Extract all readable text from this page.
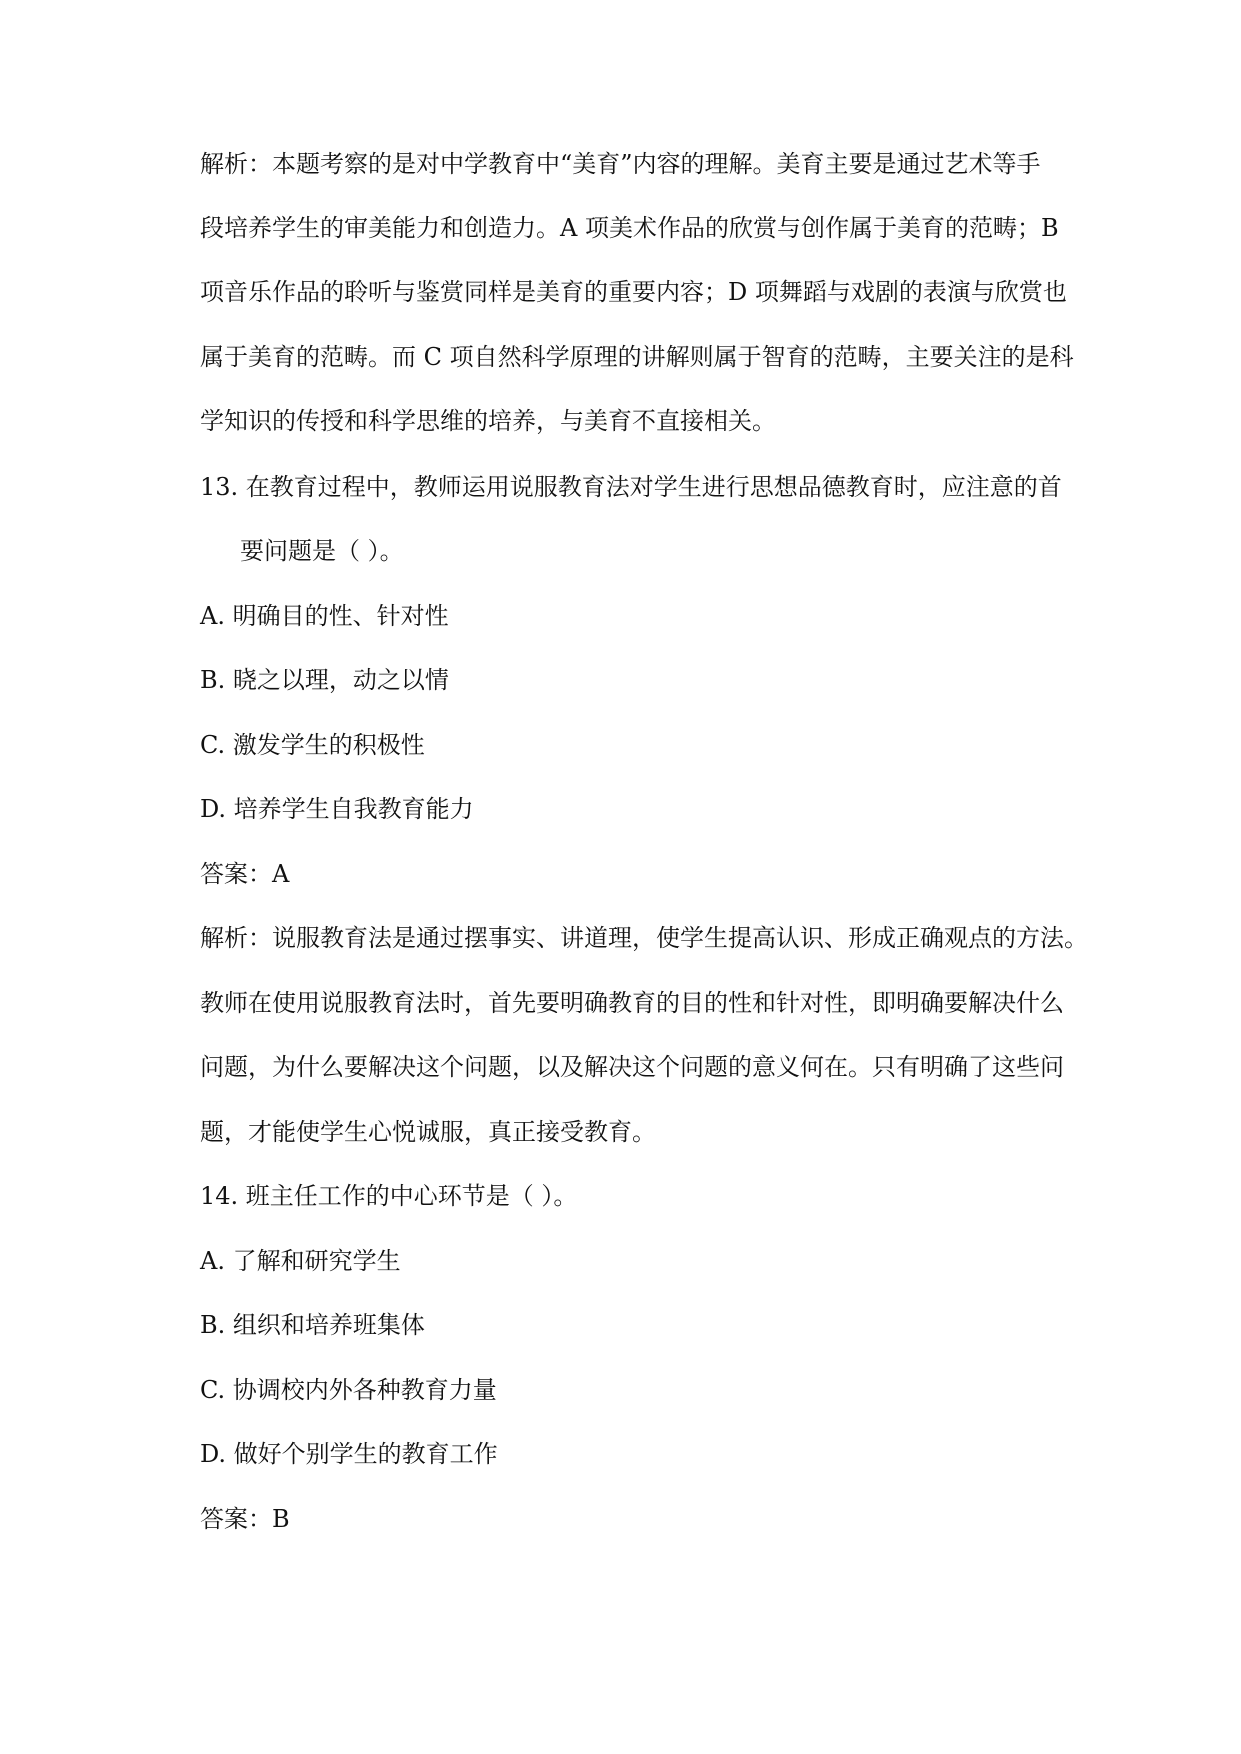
解析：本题考察的是对中学教育中“美育”内容的理解。美育主要是通过艺术等手
段培养学生的审美能力和创造力。A 项美术作品的欣赏与创作属于美育的范畴；B
项音乐作品的聆听与鉴赏同样是美育的重要内容；D 项舞蹈与戏剧的表演与欣赏也
属于美育的范畴。而 C 项自然科学原理的讲解则属于智育的范畴，主要关注的是科
学知识的传授和科学思维的培养，与美育不直接相关。
13. 在教育过程中，教师运用说服教育法对学生进行思想品德教育时，应注意的首
要问题是（ ）。
A. 明确目的性、针对性
B. 晓之以理，动之以情
C. 激发学生的积极性
D. 培养学生自我教育能力
答案：A
解析：说服教育法是通过摆事实、讲道理，使学生提高认识、形成正确观点的方法。
教师在使用说服教育法时，首先要明确教育的目的性和针对性，即明确要解决什么
问题，为什么要解决这个问题，以及解决这个问题的意义何在。只有明确了这些问
题，才能使学生心悦诚服，真正接受教育。
14. 班主任工作的中心环节是（ ）。
A. 了解和研究学生
B. 组织和培养班集体
C. 协调校内外各种教育力量
D. 做好个别学生的教育工作
答案：B
